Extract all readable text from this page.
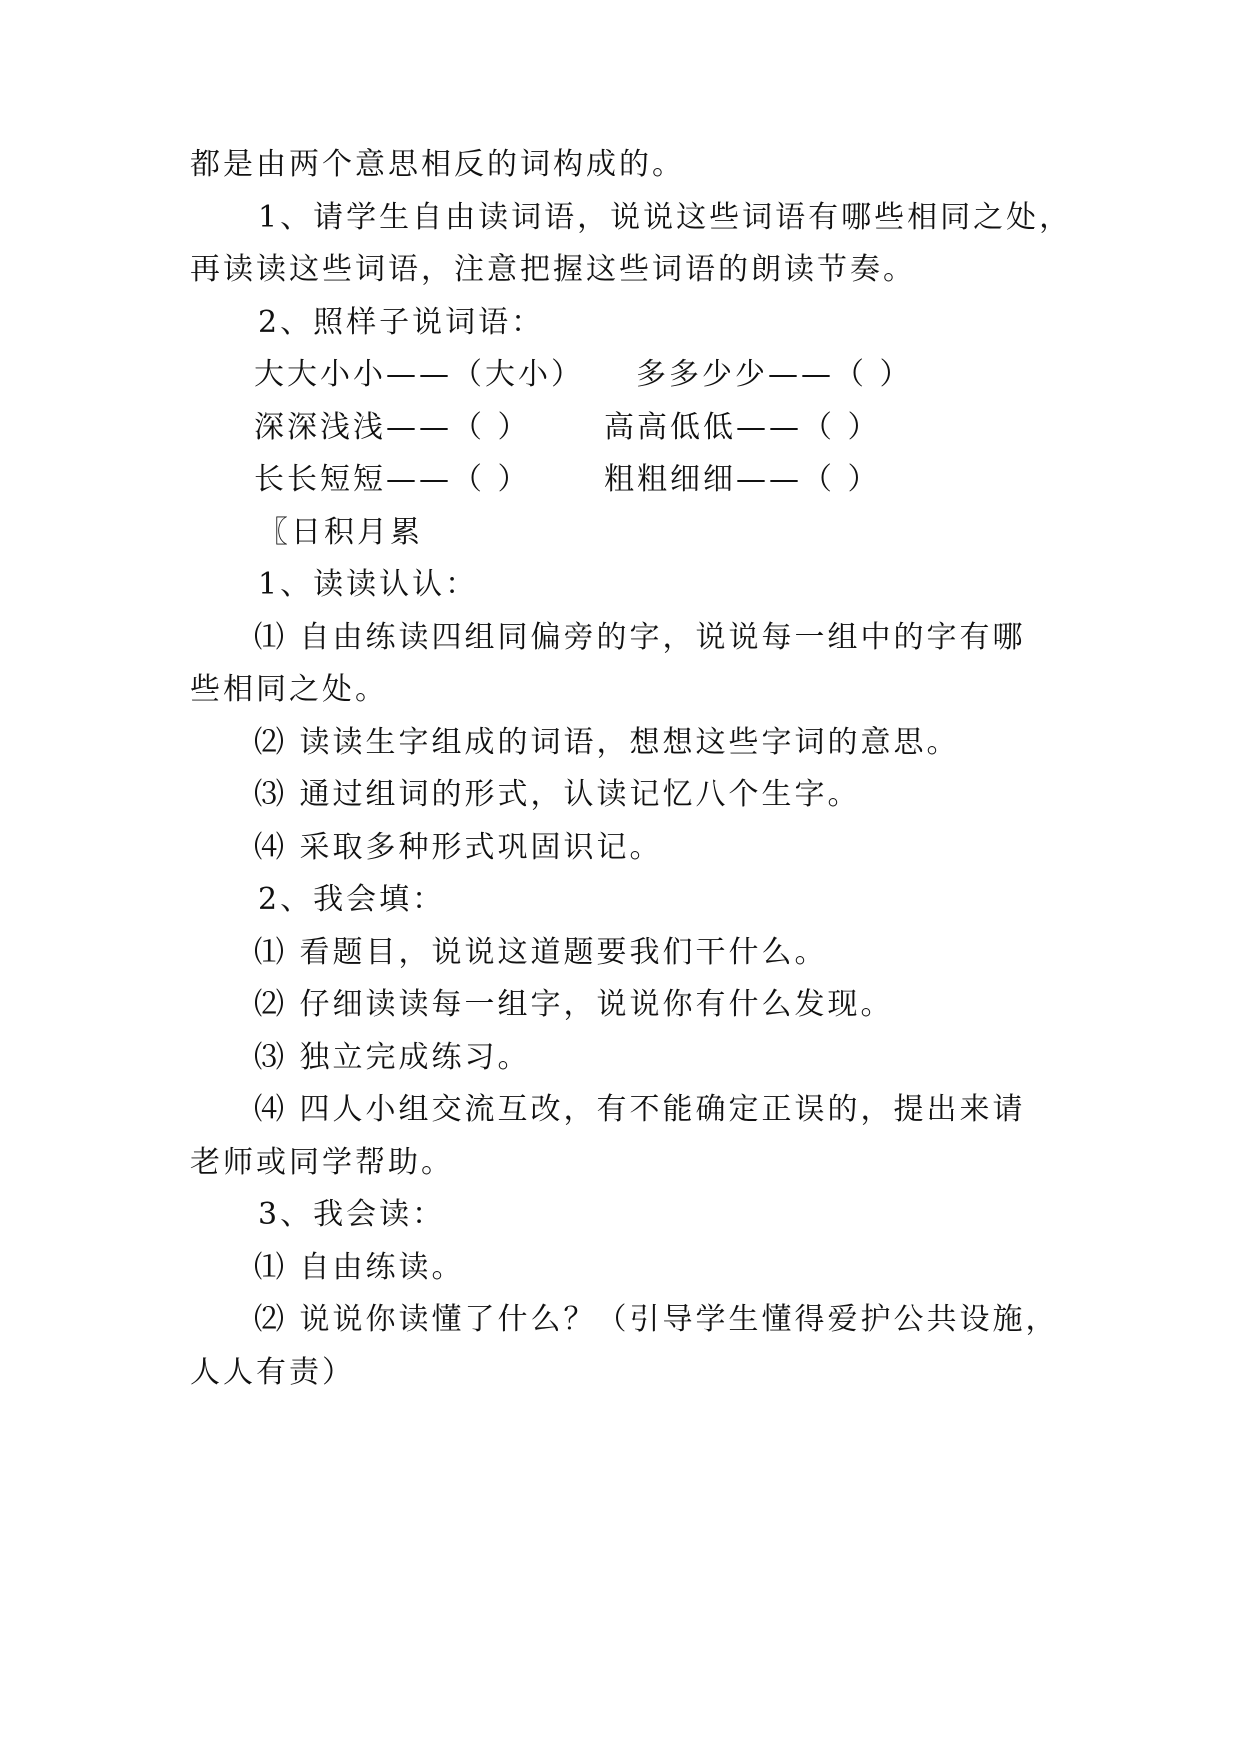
都是由两个意思相反的词构成的。
1、请学生自由读词语，说说这些词语有哪些相同之处，
再读读这些词语，注意把握这些词语的朗读节奏。
2、照样子说词语：
大大小小——（大小） 多多少少——（ ）
深深浅浅——（ ） 高高低低——（ ）
长长短短——（ ） 粗粗细细——（ ）
〖日积月累
1、读读认认：
⑴ 自由练读四组同偏旁的字，说说每一组中的字有哪
些相同之处。
⑵ 读读生字组成的词语，想想这些字词的意思。
⑶ 通过组词的形式，认读记忆八个生字。
⑷ 采取多种形式巩固识记。
2、我会填：
⑴ 看题目，说说这道题要我们干什么。
⑵ 仔细读读每一组字，说说你有什么发现。
⑶ 独立完成练习。
⑷ 四人小组交流互改，有不能确定正误的，提出来请
老师或同学帮助。
3、我会读：
⑴ 自由练读。
⑵ 说说你读懂了什么？（引导学生懂得爱护公共设施，
人人有责）
